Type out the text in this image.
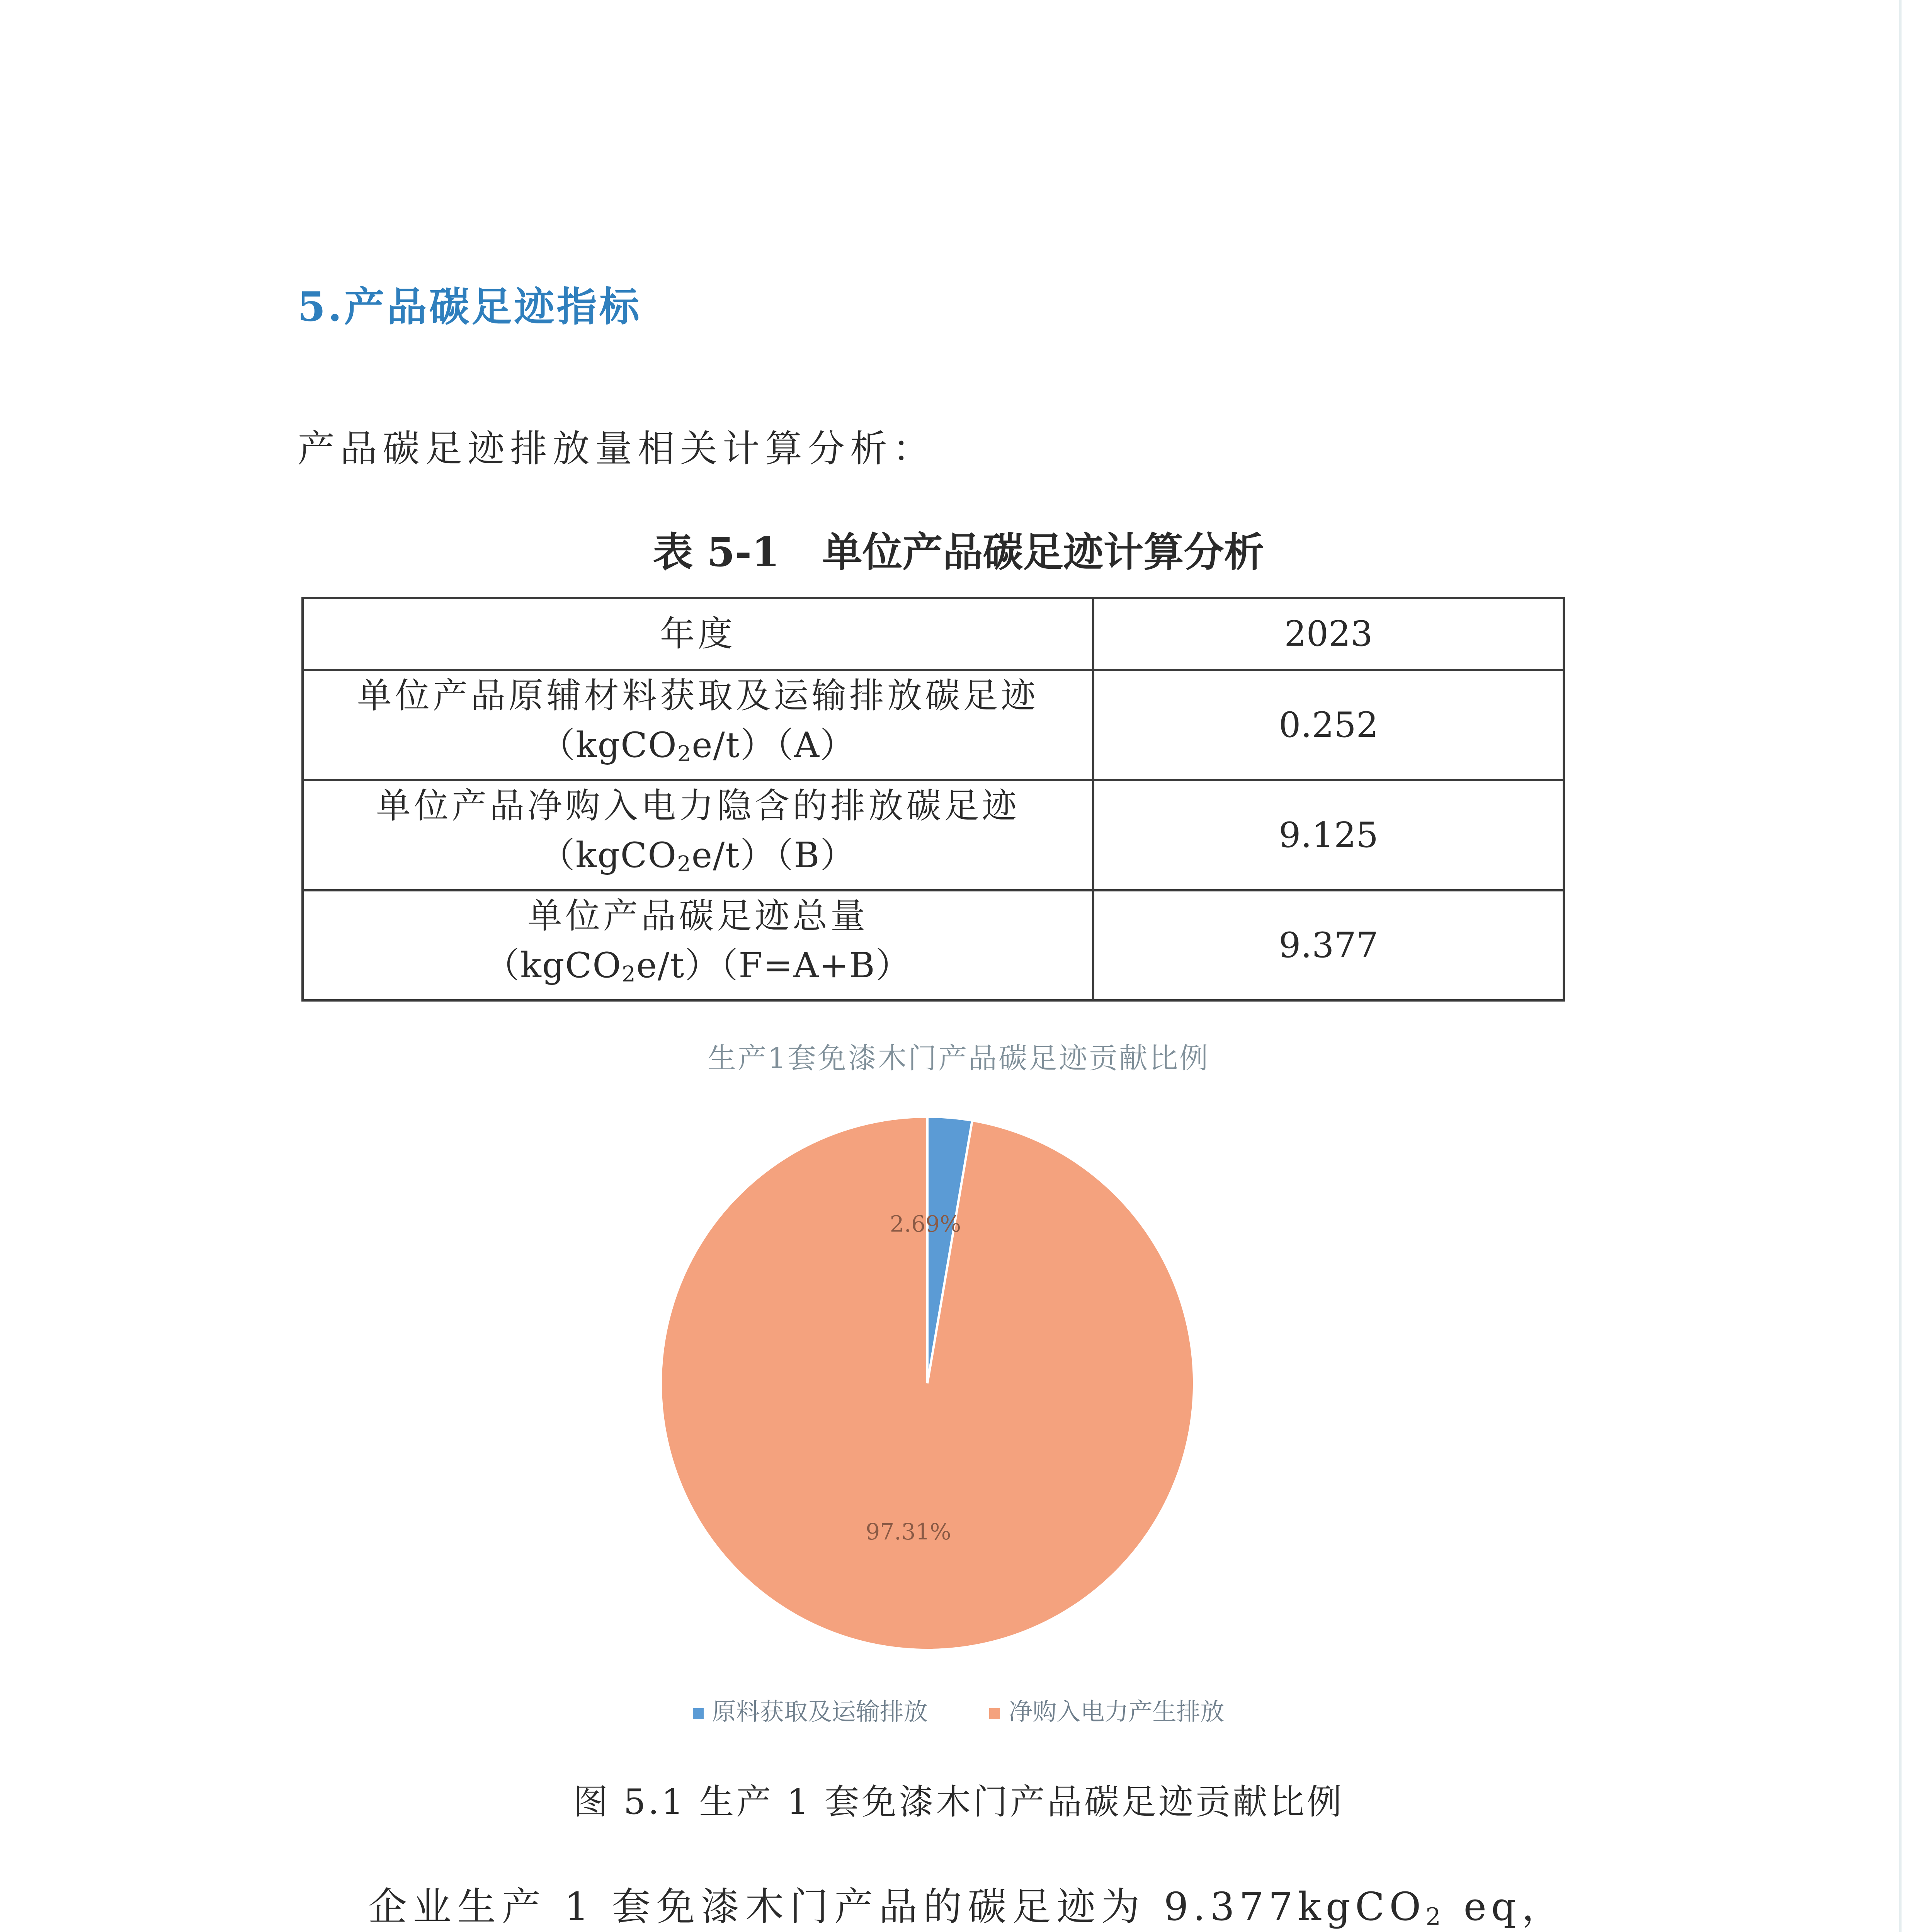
5.产品碳足迹指标
产品碳足迹排放量相关计算分析：
表 5-1 单位产品碳足迹计算分析
年度	2023
单位产品原辅材料获取及运输排放碳足迹
（kgCO$_2$e/t）（A）	0.252
单位产品净购入电力隐含的排放碳足迹
（kgCO$_2$e/t）（B）	9.125
单位产品碳足迹总量
（kgCO$_2$e/t）（F=A+B）	9.377
生产1套免漆木门产品碳足迹贡献比例
2.69%
97.31%
原料获取及运输排放	净购入电力产生排放
图 5.1 生产 1 套免漆木门产品碳足迹贡献比例
企业生产 1 套免漆木门产品的碳足迹为 9.377kgCO$_2$ eq，
